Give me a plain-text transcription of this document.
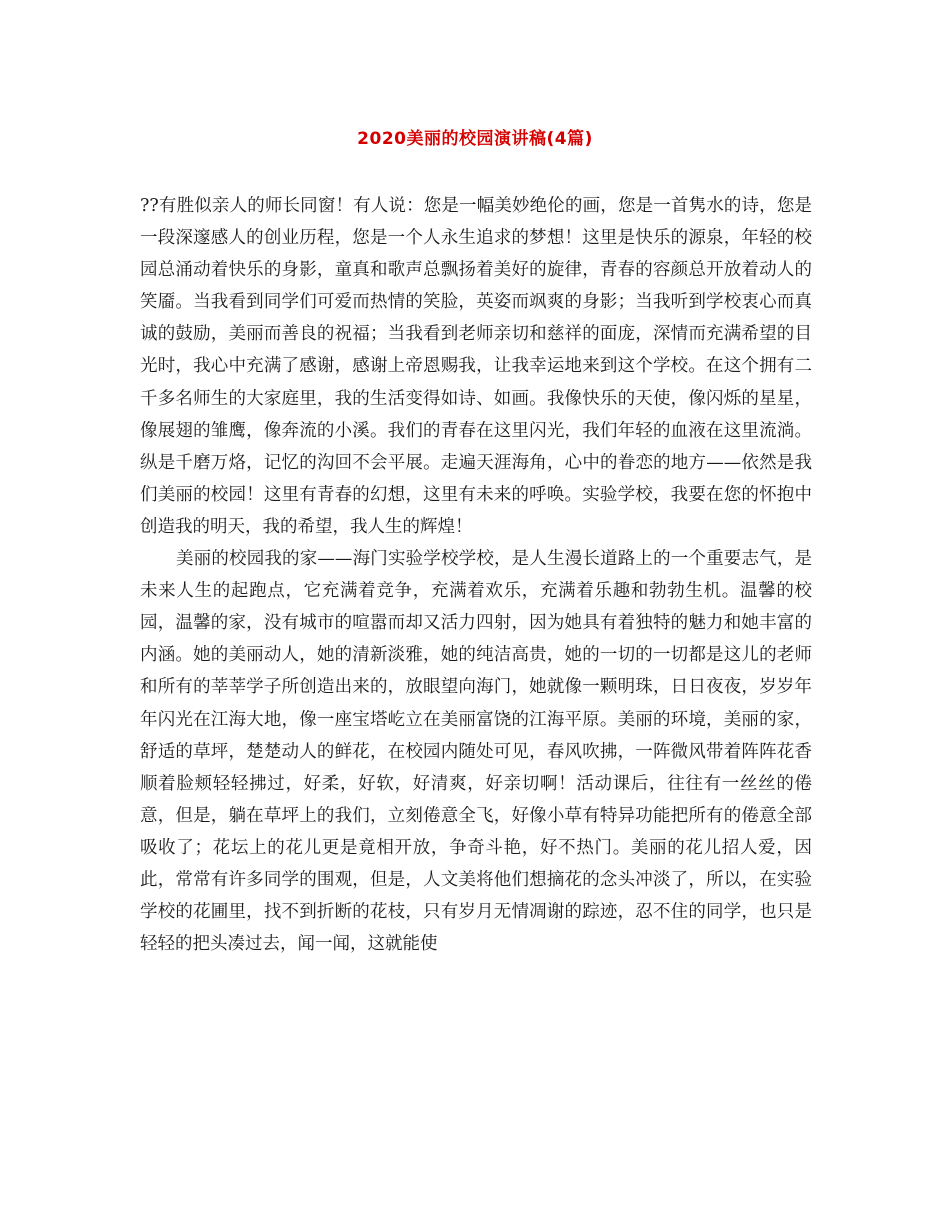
2020美丽的校园演讲稿(4篇)

??有胜似亲人的师长同窗！有人说：您是一幅美妙绝伦的画，您是一首隽水的诗，您是一段深邃感人的创业历程，您是一个人永生追求的梦想！这里是快乐的源泉，年轻的校园总涌动着快乐的身影，童真和歌声总飘扬着美好的旋律，青春的容颜总开放着动人的笑靥。当我看到同学们可爱而热情的笑脸，英姿而飒爽的身影；当我听到学校衷心而真诚的鼓励，美丽而善良的祝福；当我看到老师亲切和慈祥的面庞，深情而充满希望的目光时，我心中充满了感谢，感谢上帝恩赐我，让我幸运地来到这个学校。在这个拥有二千多名师生的大家庭里，我的生活变得如诗、如画。我像快乐的天使，像闪烁的星星，像展翅的雏鹰，像奔流的小溪。我们的青春在这里闪光，我们年轻的血液在这里流淌。纵是千磨万烙，记忆的沟回不会平展。走遍天涯海角，心中的眷恋的地方——依然是我们美丽的校园！这里有青春的幻想，这里有未来的呼唤。实验学校，我要在您的怀抱中创造我的明天，我的希望，我人生的辉煌！

美丽的校园我的家——海门实验学校学校，是人生漫长道路上的一个重要志气，是未来人生的起跑点，它充满着竞争，充满着欢乐，充满着乐趣和勃勃生机。温馨的校园，温馨的家，没有城市的喧嚣而却又活力四射，因为她具有着独特的魅力和她丰富的内涵。她的美丽动人，她的清新淡雅，她的纯洁高贵，她的一切的一切都是这儿的老师和所有的莘莘学子所创造出来的，放眼望向海门，她就像一颗明珠，日日夜夜，岁岁年年闪光在江海大地，像一座宝塔屹立在美丽富饶的江海平原。美丽的环境，美丽的家，舒适的草坪，楚楚动人的鲜花，在校园内随处可见，春风吹拂，一阵微风带着阵阵花香顺着脸颊轻轻拂过，好柔，好软，好清爽，好亲切啊！活动课后，往往有一丝丝的倦意，但是，躺在草坪上的我们，立刻倦意全飞，好像小草有特异功能把所有的倦意全部吸收了；花坛上的花儿更是竟相开放，争奇斗艳，好不热门。美丽的花儿招人爱，因此，常常有许多同学的围观，但是，人文美将他们想摘花的念头冲淡了，所以，在实验学校的花圃里，找不到折断的花枝，只有岁月无情凋谢的踪迹，忍不住的同学，也只是轻轻的把头凑过去，闻一闻，这就能使
